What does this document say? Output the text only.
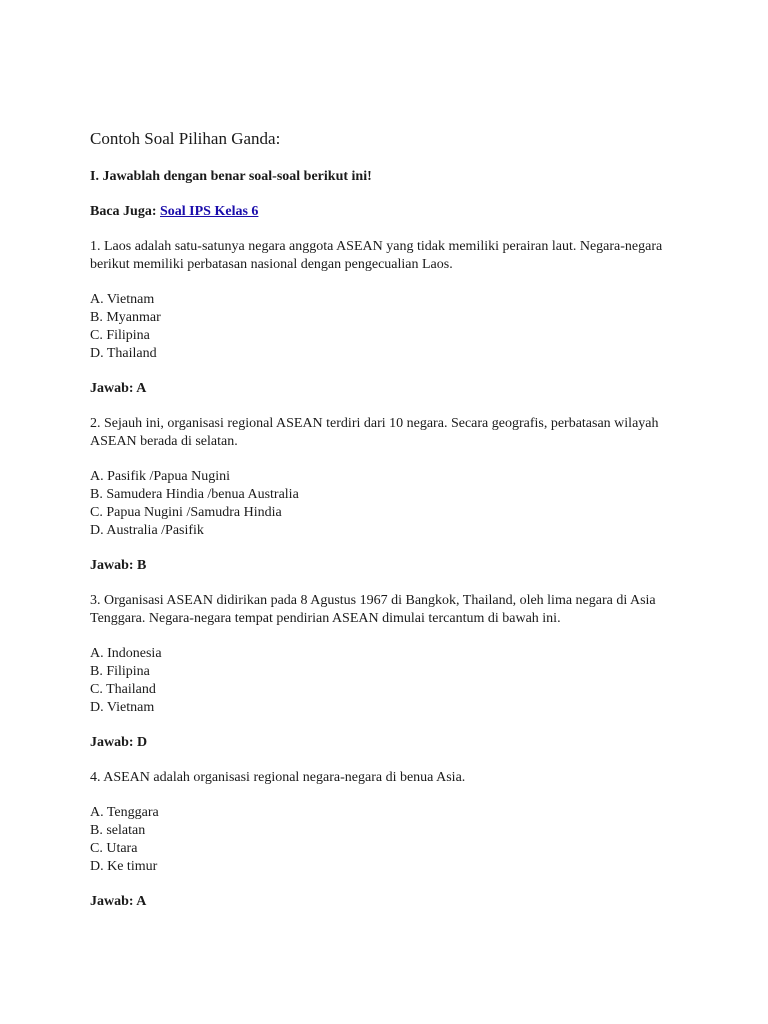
Contoh Soal Pilihan Ganda:
I. Jawablah dengan benar soal-soal berikut ini!
Baca Juga: Soal IPS Kelas 6
1. Laos adalah satu-satunya negara anggota ASEAN yang tidak memiliki perairan laut. Negara-negara berikut memiliki perbatasan nasional dengan pengecualian Laos.
A. Vietnam
B. Myanmar
C. Filipina
D. Thailand
Jawab: A
2. Sejauh ini, organisasi regional ASEAN terdiri dari 10 negara. Secara geografis, perbatasan wilayah ASEAN berada di selatan.
A. Pasifik /Papua Nugini
B. Samudera Hindia /benua Australia
C. Papua Nugini /Samudra Hindia
D. Australia /Pasifik
Jawab: B
3. Organisasi ASEAN didirikan pada 8 Agustus 1967 di Bangkok, Thailand, oleh lima negara di Asia Tenggara. Negara-negara tempat pendirian ASEAN dimulai tercantum di bawah ini.
A. Indonesia
B. Filipina
C. Thailand
D. Vietnam
Jawab: D
4. ASEAN adalah organisasi regional negara-negara di benua Asia.
A. Tenggara
B. selatan
C. Utara
D. Ke timur
Jawab: A
